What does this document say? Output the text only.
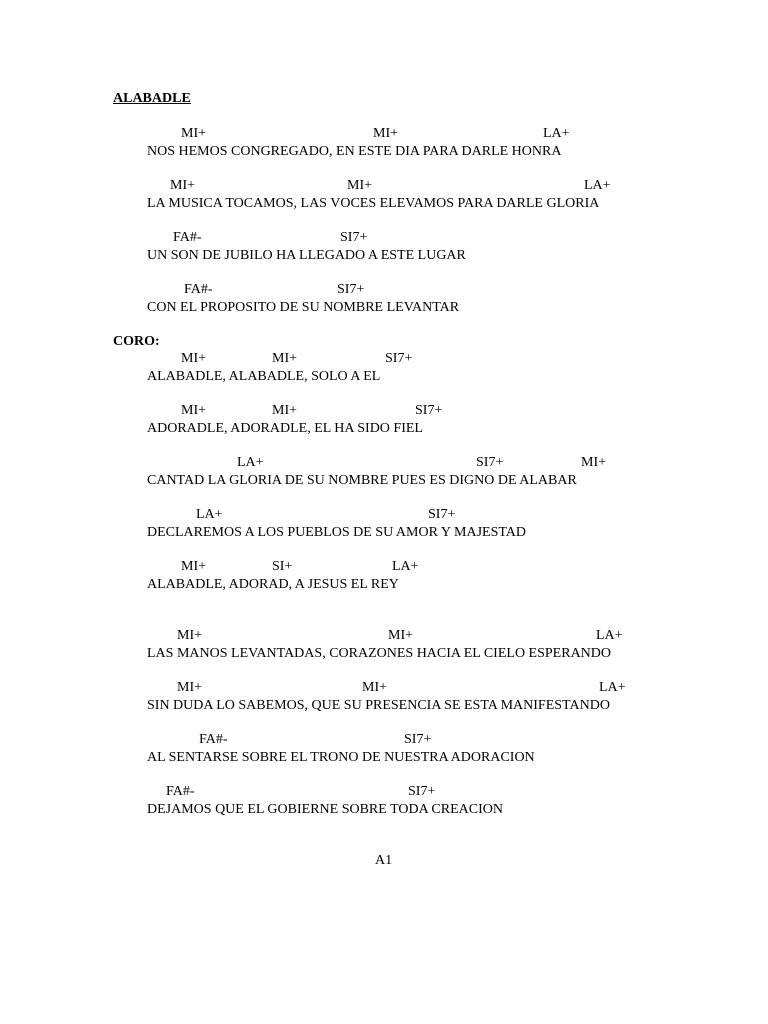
ALABADLE
MI+	MI+	LA+
NOS HEMOS CONGREGADO, EN ESTE DIA PARA DARLE HONRA
MI+	MI+	LA+
LA MUSICA TOCAMOS, LAS VOCES ELEVAMOS PARA DARLE GLORIA
FA#-	SI7+
UN SON DE JUBILO HA LLEGADO A ESTE LUGAR
FA#-	SI7+
CON EL PROPOSITO DE SU NOMBRE LEVANTAR
CORO:
MI+	MI+	SI7+
ALABADLE, ALABADLE, SOLO A EL
MI+	MI+	SI7+
ADORADLE, ADORADLE, EL HA SIDO FIEL
LA+	SI7+	MI+
CANTAD LA GLORIA DE SU NOMBRE PUES ES DIGNO DE ALABAR
LA+	SI7+
DECLAREMOS A LOS PUEBLOS DE SU AMOR Y MAJESTAD
MI+	SI+	LA+
ALABADLE, ADORAD, A JESUS EL REY
MI+	MI+	LA+
LAS MANOS LEVANTADAS, CORAZONES HACIA EL CIELO ESPERANDO
MI+	MI+	LA+
SIN DUDA LO SABEMOS, QUE SU PRESENCIA SE ESTA MANIFESTANDO
FA#-	SI7+
AL SENTARSE SOBRE EL TRONO DE NUESTRA ADORACION
FA#-	SI7+
DEJAMOS QUE EL GOBIERNE SOBRE TODA CREACION
A1
